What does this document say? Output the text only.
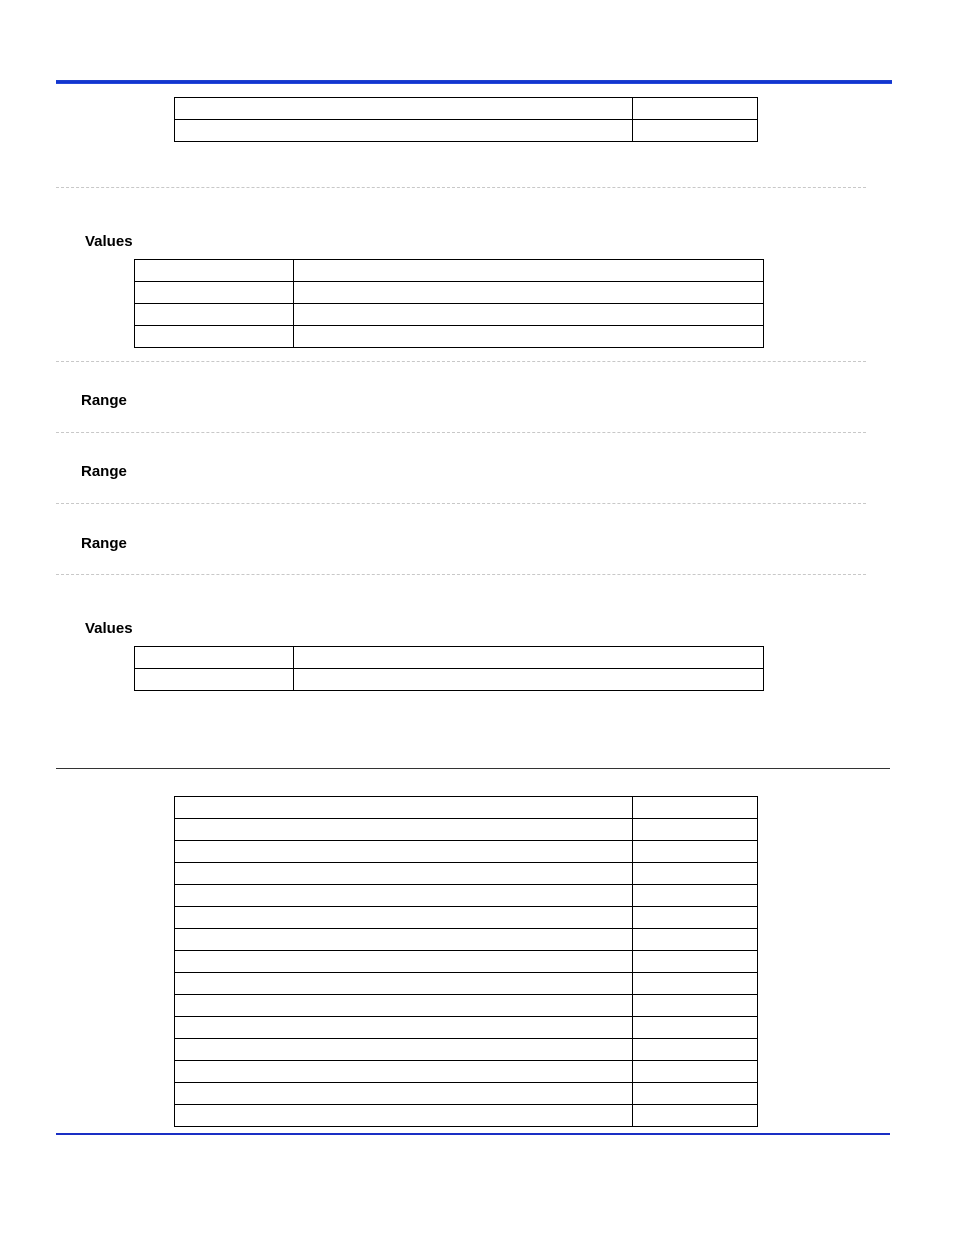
Values

Range
Range
Range
Values
